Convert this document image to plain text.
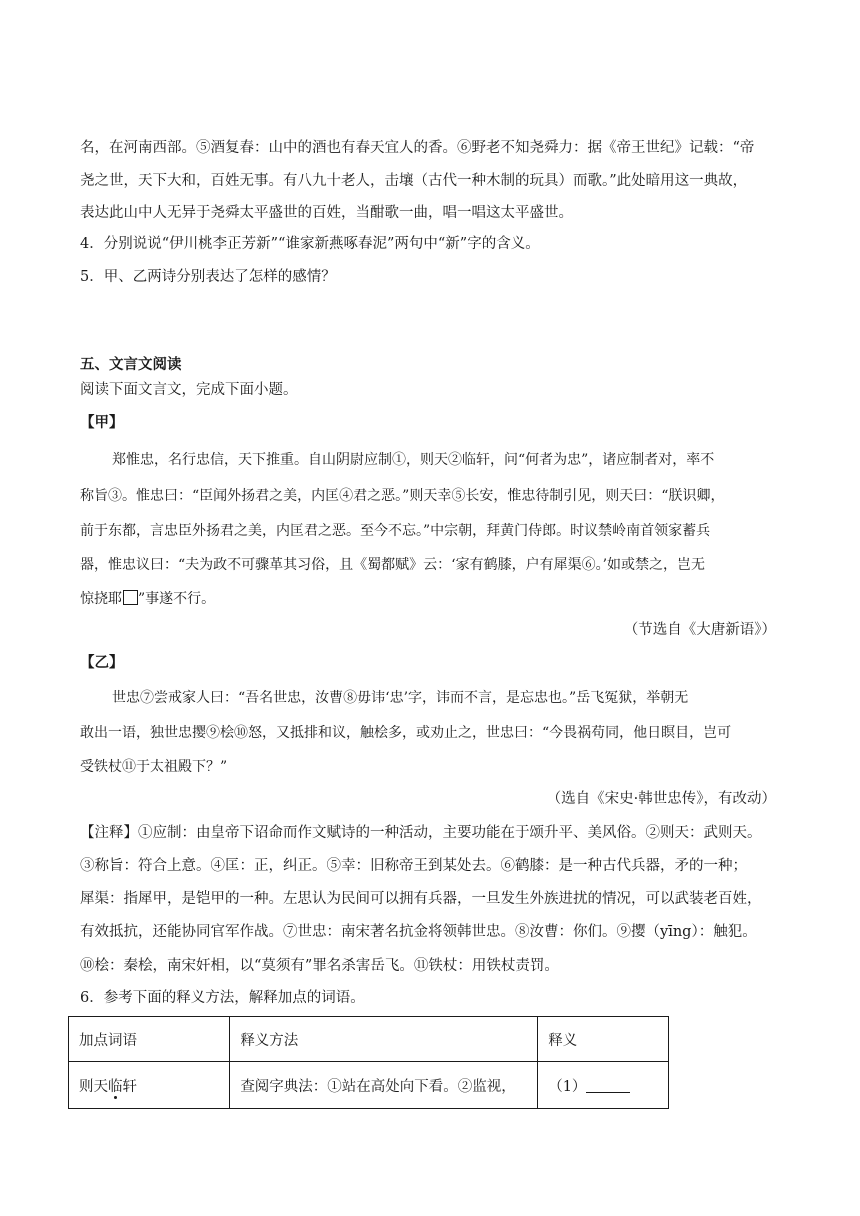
名，在河南西部。⑤酒复春：山中的酒也有春天宜人的香。⑥野老不知尧舜力：据《帝王世纪》记载：“帝
尧之世，天下大和，百姓无事。有八九十老人，击壤（古代一种木制的玩具）而歌。”此处暗用这一典故，
表达此山中人无异于尧舜太平盛世的百姓，当酣歌一曲，唱一唱这太平盛世。
4．分别说说“伊川桃李正芳新”“谁家新燕啄春泥”两句中“新”字的含义。
5．甲、乙两诗分别表达了怎样的感情？
五、文言文阅读
阅读下面文言文，完成下面小题。
【甲】
郑惟忠，名行忠信，天下推重。自山阴尉应制①，则天②临轩，问“何者为忠”，诸应制者对，率不
称旨③。惟忠曰：“臣闻外扬君之美，内匡④君之恶。”则天幸⑤长安，惟忠待制引见，则天曰：“朕识卿，
前于东都，言忠臣外扬君之美，内匡君之恶。至今不忘。”中宗朝，拜黄门侍郎。时议禁岭南首领家蓄兵
器，惟忠议曰：“夫为政不可骤革其习俗，且《蜀都赋》云：‘家有鹤膝，户有犀渠⑥。’如或禁之，岂无
惊挠耶 ”事遂不行。
（节选自《大唐新语》）
【乙】
世忠⑦尝戒家人曰：“吾名世忠，汝曹⑧毋讳‘忠’字，讳而不言，是忘忠也。”岳飞冤狱，举朝无
敢出一语，独世忠撄⑨桧⑩怒，又抵排和议，触桧多，或劝止之，世忠曰：“今畏祸苟同，他日瞑目，岂可
受铁杖⑪于太祖殿下？”
（选自《宋史·韩世忠传》，有改动）
【注释】①应制：由皇帝下诏命而作文赋诗的一种活动，主要功能在于颂升平、美风俗。②则天：武则天。
③称旨：符合上意。④匡：正，纠正。⑤幸：旧称帝王到某处去。⑥鹤膝：是一种古代兵器，矛的一种；
犀渠：指犀甲，是铠甲的一种。左思认为民间可以拥有兵器，一旦发生外族进扰的情况，可以武装老百姓，
有效抵抗，还能协同官军作战。⑦世忠：南宋著名抗金将领韩世忠。⑧汝曹：你们。⑨撄（yīng）：触犯。
⑩桧：秦桧，南宋奸相，以“莫须有”罪名杀害岳飞。⑪铁杖：用铁杖责罚。
6．参考下面的释义方法，解释加点的词语。
加点词语	释义方法	释义
则天临轩	查阅字典法：①站在高处向下看。②监视，	（1）
